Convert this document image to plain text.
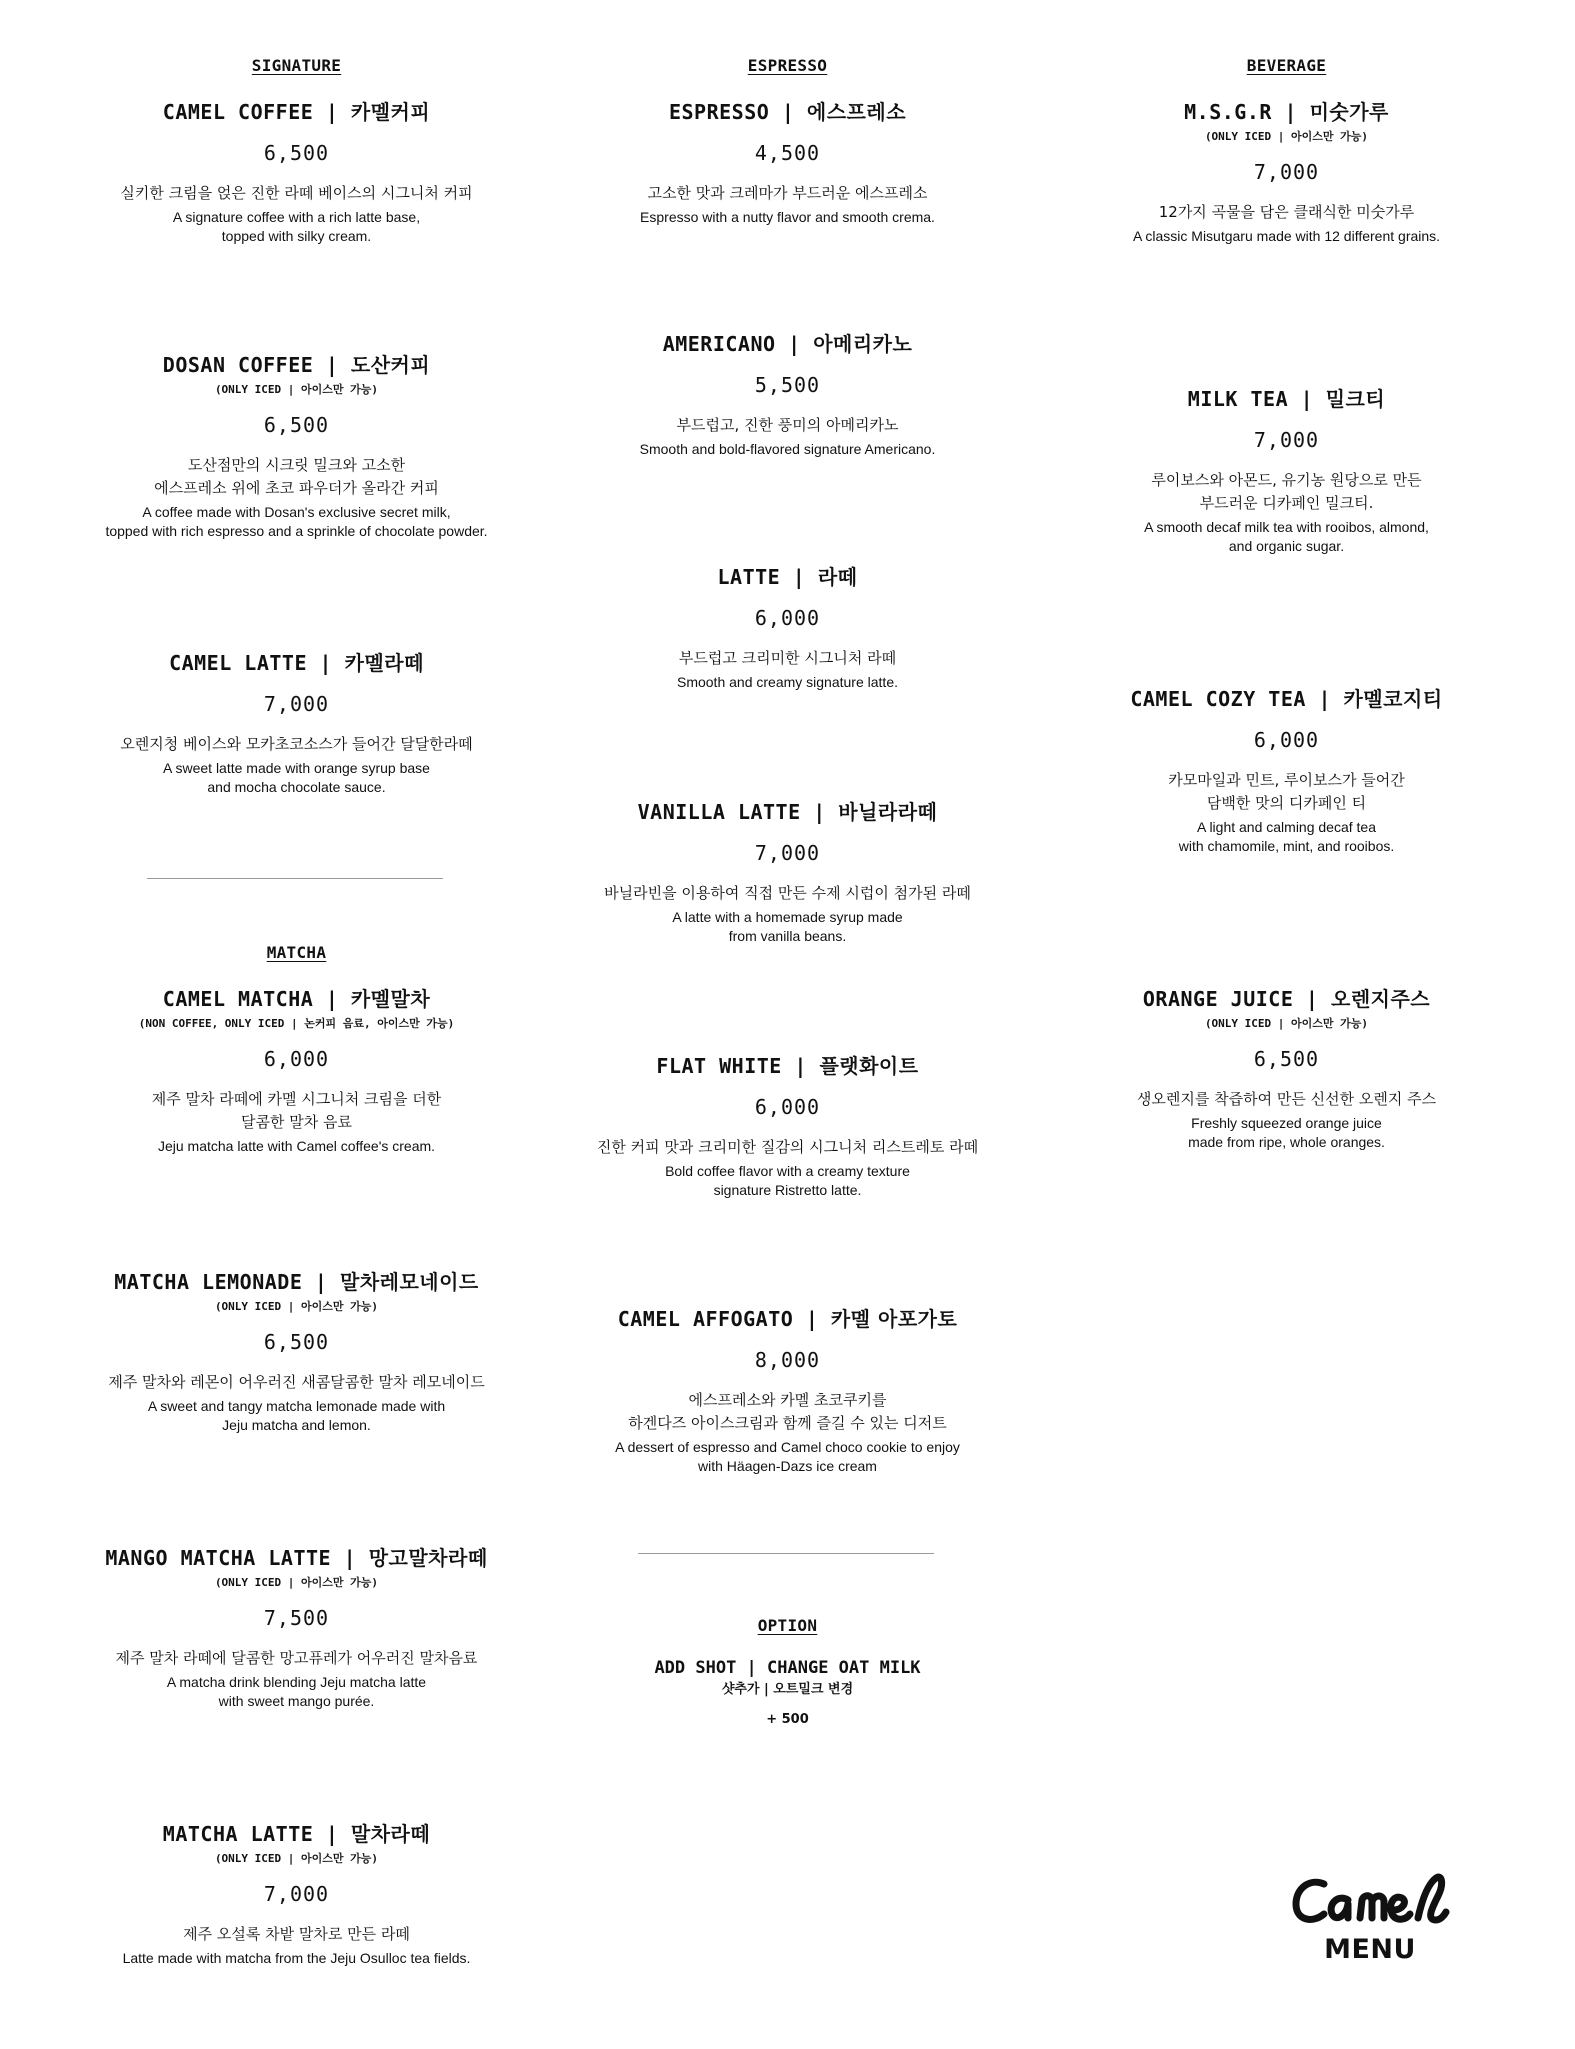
SIGNATURE
CAMEL COFFEE | 카멜커피
6,500
실키한 크림을 얹은 진한 라떼 베이스의 시그니처 커피
A signature coffee with a rich latte base,
topped with silky cream.
DOSAN COFFEE | 도산커피
(ONLY ICED | 아이스만 가능)
6,500
도산점만의 시크릿 밀크와 고소한
에스프레소 위에 초코 파우더가 올라간 커피
A coffee made with Dosan's exclusive secret milk,
topped with rich espresso and a sprinkle of chocolate powder.
CAMEL LATTE | 카멜라떼
7,000
오렌지청 베이스와 모카초코소스가 들어간 달달한라떼
A sweet latte made with orange syrup base
and mocha chocolate sauce.
MATCHA
CAMEL MATCHA | 카멜말차
(NON COFFEE, ONLY ICED | 논커피 음료, 아이스만 가능)
6,000
제주 말차 라떼에 카멜 시그니처 크림을 더한
달콤한 말차 음료
Jeju matcha latte with Camel coffee's cream.
MATCHA LEMONADE | 말차레모네이드
(ONLY ICED | 아이스만 가능)
6,500
제주 말차와 레몬이 어우러진 새콤달콤한 말차 레모네이드
A sweet and tangy matcha lemonade made with
Jeju matcha and lemon.
MANGO MATCHA LATTE | 망고말차라떼
(ONLY ICED | 아이스만 가능)
7,500
제주 말차 라떼에 달콤한 망고퓨레가 어우러진 말차음료
A matcha drink blending Jeju matcha latte
with sweet mango purée.
MATCHA LATTE | 말차라떼
(ONLY ICED | 아이스만 가능)
7,000
제주 오설록 차밭 말차로 만든 라떼
Latte made with matcha from the Jeju Osulloc tea fields.
ESPRESSO
ESPRESSO | 에스프레소
4,500
고소한 맛과 크레마가 부드러운 에스프레소
Espresso with a nutty flavor and smooth crema.
AMERICANO | 아메리카노
5,500
부드럽고, 진한 풍미의 아메리카노
Smooth and bold-flavored signature Americano.
LATTE | 라떼
6,000
부드럽고 크리미한 시그니처 라떼
Smooth and creamy signature latte.
VANILLA LATTE | 바닐라라떼
7,000
바닐라빈을 이용하여 직접 만든 수제 시럽이 첨가된 라떼
A latte with a homemade syrup made
from vanilla beans.
FLAT WHITE | 플랫화이트
6,000
진한 커피 맛과 크리미한 질감의 시그니처 리스트레토 라떼
Bold coffee flavor with a creamy texture
signature Ristretto latte.
CAMEL AFFOGATO | 카멜 아포가토
8,000
에스프레소와 카멜 초코쿠키를
하겐다즈 아이스크림과 함께 즐길 수 있는 디저트
A dessert of espresso and Camel choco cookie to enjoy
with Häagen-Dazs ice cream
OPTION
ADD SHOT | CHANGE OAT MILK
샷추가 | 오트밀크 변경
+ 500
BEVERAGE
M.S.G.R | 미숫가루
(ONLY ICED | 아이스만 가능)
7,000
12가지 곡물을 담은 클래식한 미숫가루
A classic Misutgaru made with 12 different grains.
MILK TEA | 밀크티
7,000
루이보스와 아몬드, 유기농 원당으로 만든
부드러운 디카페인 밀크티.
A smooth decaf milk tea with rooibos, almond,
and organic sugar.
CAMEL COZY TEA | 카멜코지티
6,000
카모마일과 민트, 루이보스가 들어간
담백한 맛의 디카페인 티
A light and calming decaf tea
with chamomile, mint, and rooibos.
ORANGE JUICE | 오렌지주스
(ONLY ICED | 아이스만 가능)
6,500
생오렌지를 착즙하여 만든 신선한 오렌지 주스
Freshly squeezed orange juice
made from ripe, whole oranges.
MENU
